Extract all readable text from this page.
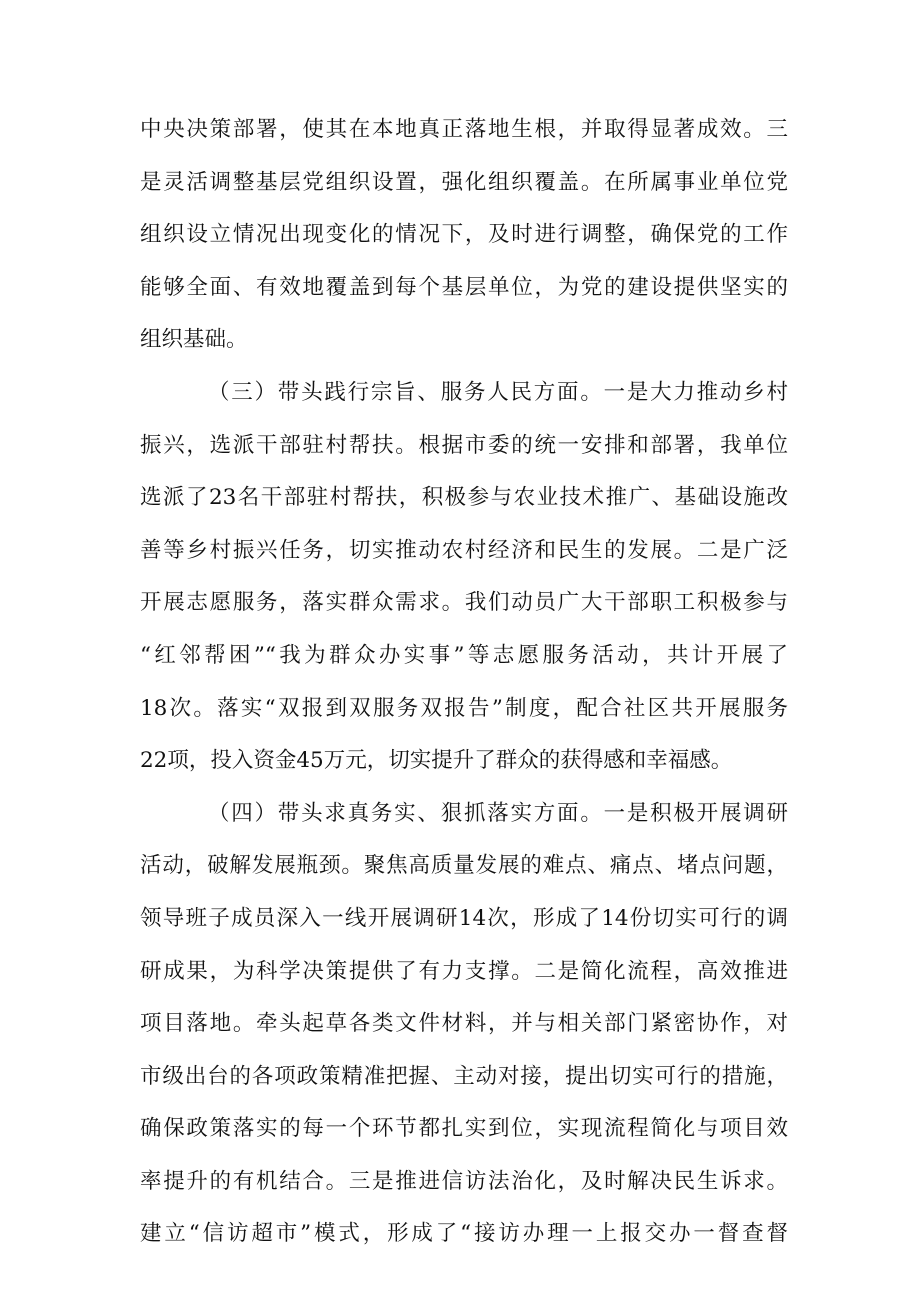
中央决策部署，使其在本地真正落地生根，并取得显著成效。三
是灵活调整基层党组织设置，强化组织覆盖。在所属事业单位党
组织设立情况出现变化的情况下，及时进行调整，确保党的工作
能够全面、有效地覆盖到每个基层单位，为党的建设提供坚实的
组织基础。
（三）带头践行宗旨、服务人民方面。一是大力推动乡村
振兴，选派干部驻村帮扶。根据市委的统一安排和部署，我单位
选派了23名干部驻村帮扶，积极参与农业技术推广、基础设施改
善等乡村振兴任务，切实推动农村经济和民生的发展。二是广泛
开展志愿服务，落实群众需求。我们动员广大干部职工积极参与
“红邻帮困”“我为群众办实事”等志愿服务活动，共计开展了
18次。落实“双报到双服务双报告”制度，配合社区共开展服务
22项，投入资金45万元，切实提升了群众的获得感和幸福感。
（四）带头求真务实、狠抓落实方面。一是积极开展调研
活动，破解发展瓶颈。聚焦高质量发展的难点、痛点、堵点问题，
领导班子成员深入一线开展调研14次，形成了14份切实可行的调
研成果，为科学决策提供了有力支撑。二是简化流程，高效推进
项目落地。牵头起草各类文件材料，并与相关部门紧密协作，对
市级出台的各项政策精准把握、主动对接，提出切实可行的措施，
确保政策落实的每一个环节都扎实到位，实现流程简化与项目效
率提升的有机结合。三是推进信访法治化，及时解决民生诉求。
建立“信访超市”模式，形成了“接访办理一上报交办一督查督
